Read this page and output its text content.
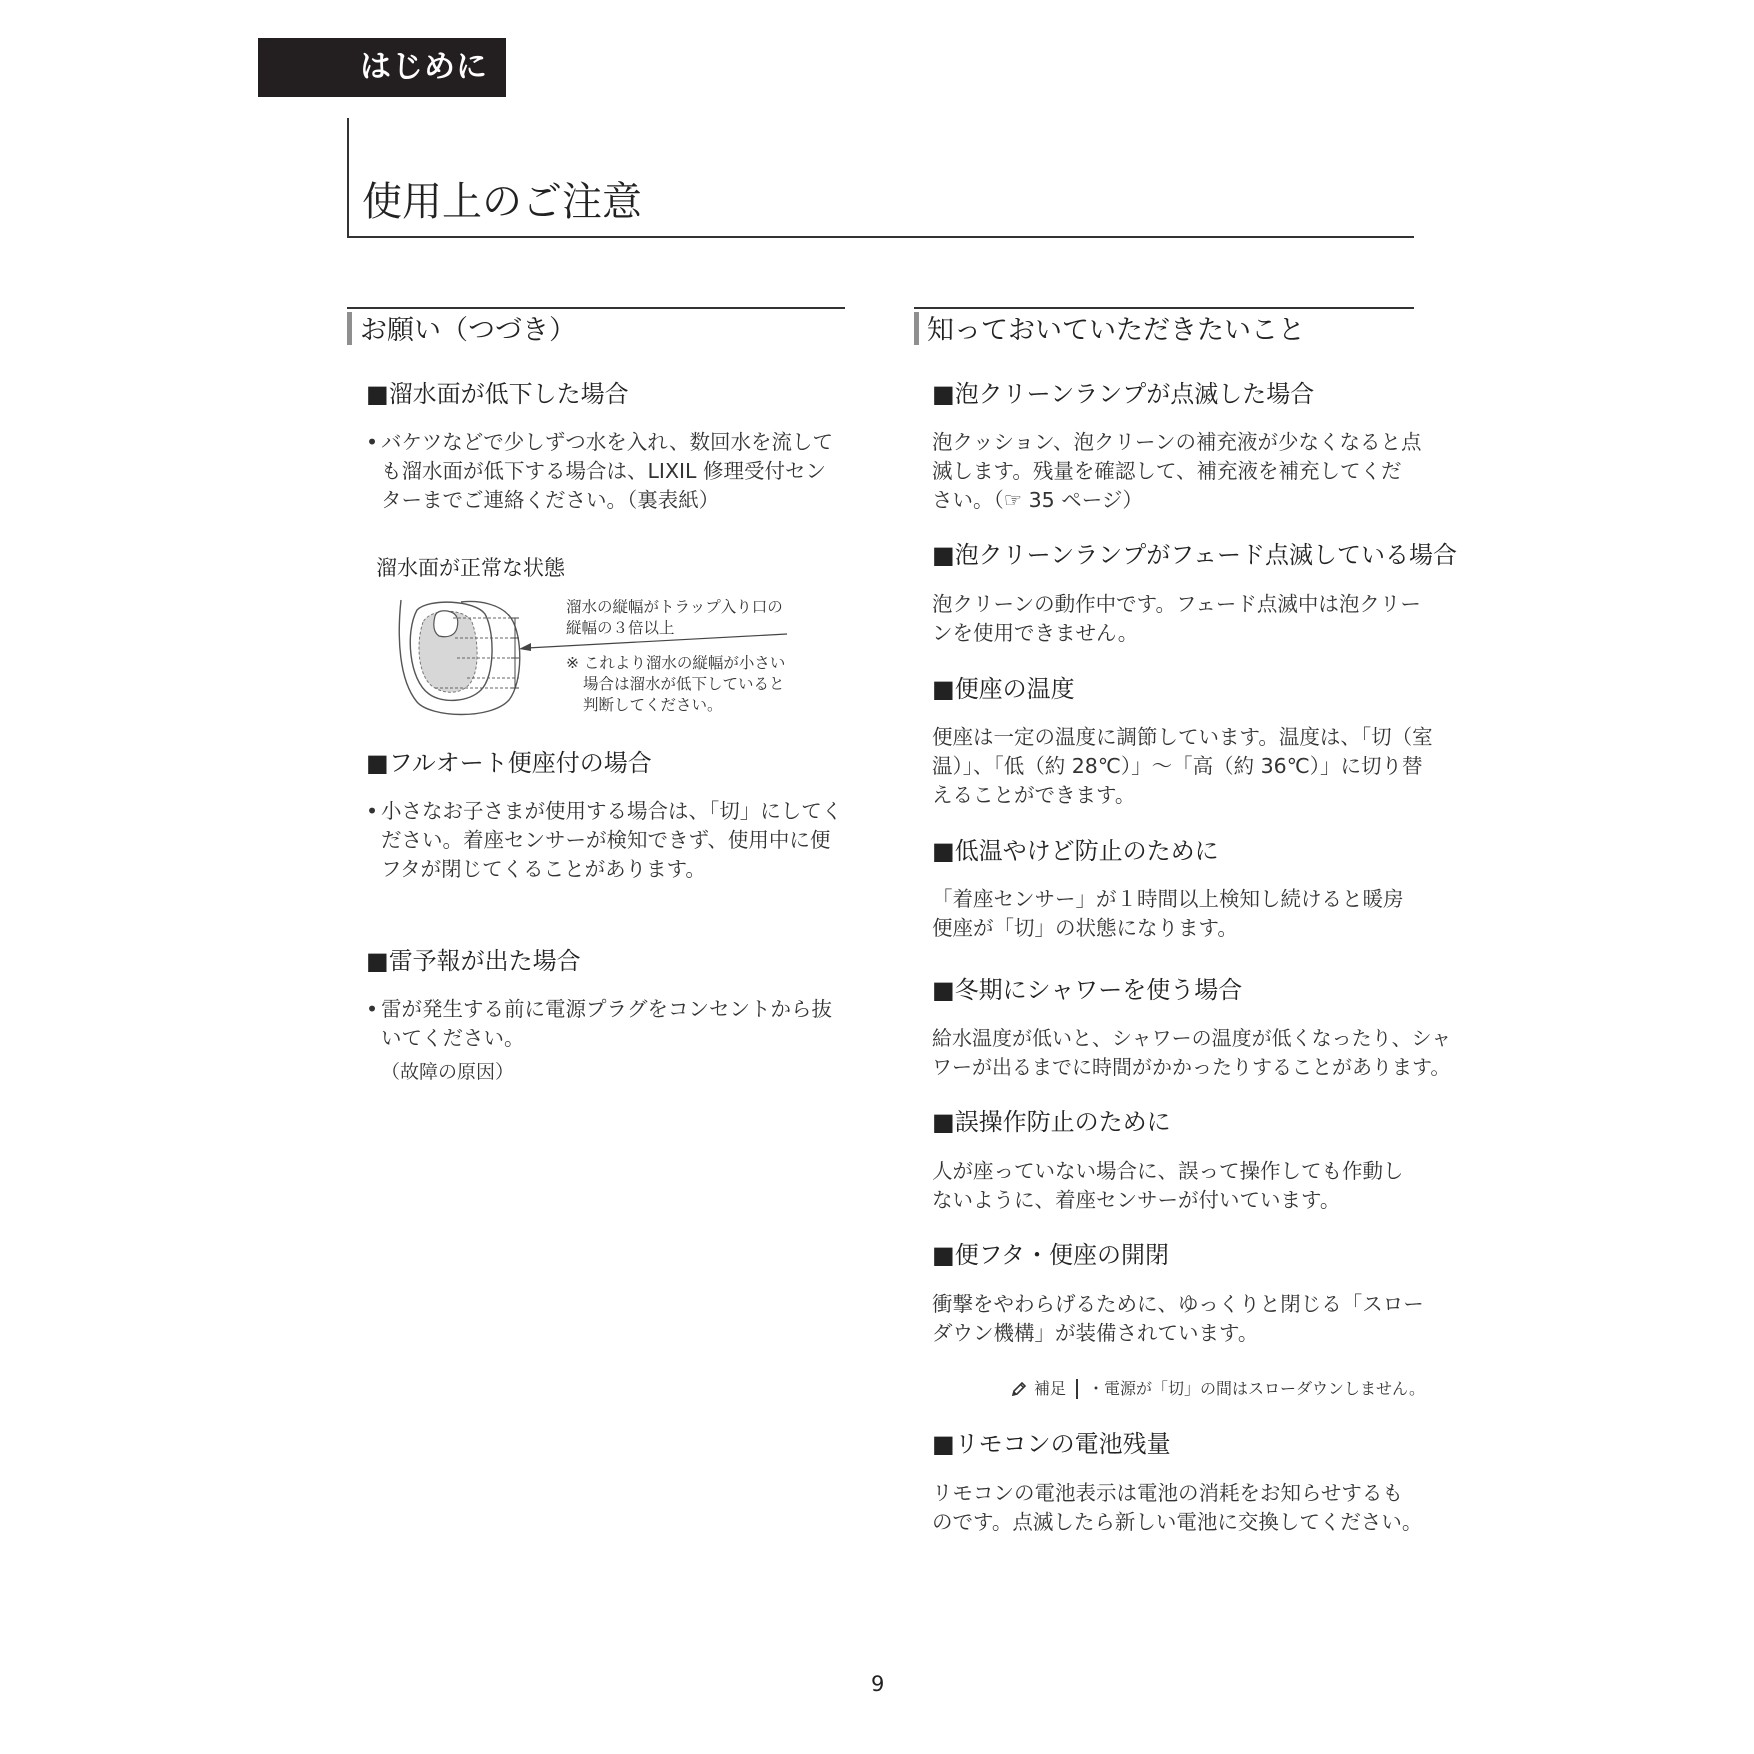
はじめに
使用上のご注意
お願い（つづき）
■ 溜水面が低下した場合
• バケツなどで少しずつ水を入れ、数回水を流して
も溜水面が低下する場合は、LIXIL 修理受付セン
ターまでご連絡ください。（裏表紙）
溜水面が正常な状態
溜水の縦幅がトラップ入り口の
縦幅の３倍以上
※ これより溜水の縦幅が小さい
場合は溜水が低下していると
判断してください。
■ フルオート便座付の場合
• 小さなお子さまが使用する場合は、「切」にしてく
ださい。着座センサーが検知できず、使用中に便
フタが閉じてくることがあります。
■ 雷予報が出た場合
• 雷が発生する前に電源プラグをコンセントから抜
いてください。
（故障の原因）
知っておいていただきたいこと
■ 泡クリーンランプが点滅した場合
泡クッション、泡クリーンの補充液が少なくなると点
滅します。残量を確認して、補充液を補充してくだ
さい。（☞ 35 ページ）
■ 泡クリーンランプがフェード点滅している場合
泡クリーンの動作中です。フェード点滅中は泡クリー
ンを使用できません。
■ 便座の温度
便座は一定の温度に調節しています。温度は、「切（室
温）」、「低（約 28℃）」～「高（約 36℃）」に切り替
えることができます。
■ 低温やけど防止のために
「着座センサー」が１時間以上検知し続けると暖房
便座が「切」の状態になります。
■ 冬期にシャワーを使う場合
給水温度が低いと、シャワーの温度が低くなったり、シャ
ワーが出るまでに時間がかかったりすることがあります。
■ 誤操作防止のために
人が座っていない場合に、誤って操作しても作動し
ないように、着座センサーが付いています。
■ 便フタ・便座の開閉
衝撃をやわらげるために、ゆっくりと閉じる「スロー
ダウン機構」が装備されています。
補足 ・電源が「切」の間はスローダウンしません。
■ リモコンの電池残量
リモコンの電池表示は電池の消耗をお知らせするも
のです。点滅したら新しい電池に交換してください。
9
